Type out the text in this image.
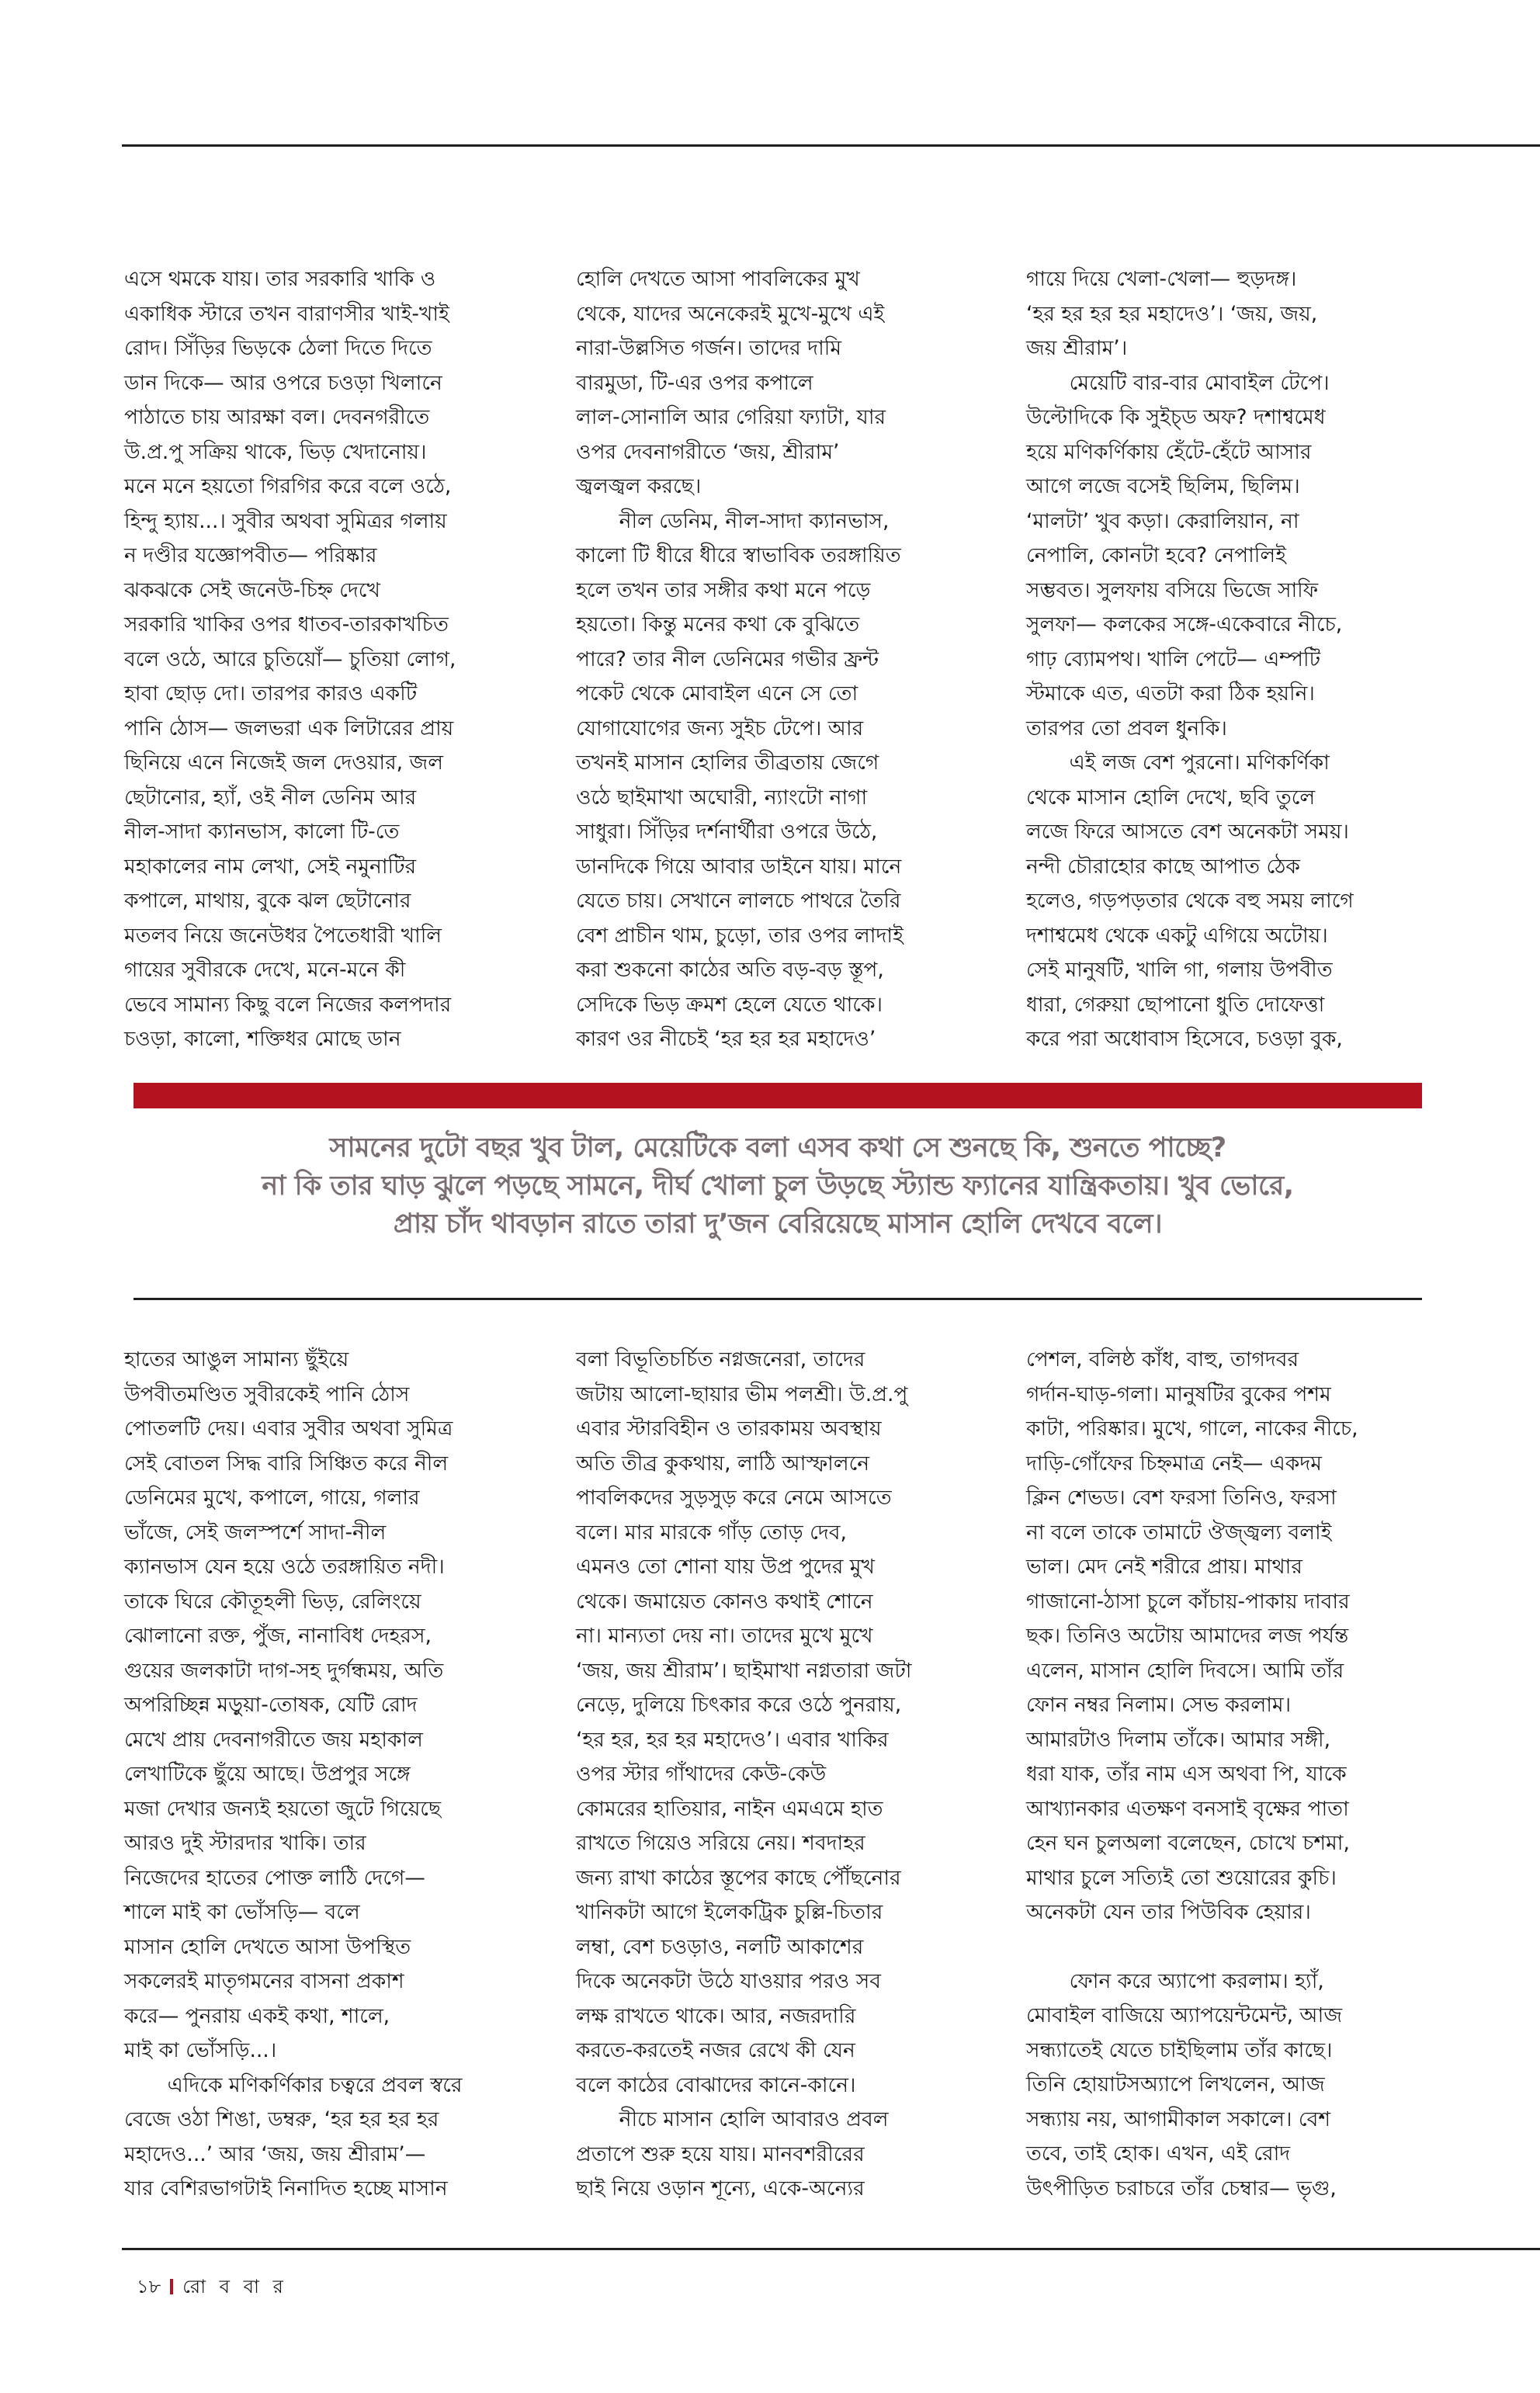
এসে থমকে যায়। তার সরকারি খাকি ও
একাধিক স্টারে তখন বারাণসীর খাই-খাই
রোদ। সিঁড়ির ভিড়কে ঠেলা দিতে দিতে
ডান দিকে— আর ওপরে চওড়া খিলানে
পাঠাতে চায় আরক্ষা বল। দেবনগরীতে
উ.প্র.পু সক্রিয় থাকে, ভিড় খেদানোয়।
মনে মনে হয়তো গিরগির করে বলে ওঠে,
হিন্দু হ্যায়...। সুবীর অথবা সুমিত্রর গলায়
ন দণ্ডীর যজ্ঞোপবীত— পরিষ্কার
ঝকঝকে সেই জনেউ-চিহ্ন দেখে
সরকারি খাকির ওপর ধাতব-তারকাখচিত
বলে ওঠে, আরে চুতিয়োঁ— চুতিয়া লোগ,
হাবা ছোড় দো। তারপর কারও একটি
পানি ঠোস— জলভরা এক লিটারের প্রায়
ছিনিয়ে এনে নিজেই জল দেওয়ার, জল
ছেটানোর, হ্যাঁ, ওই নীল ডেনিম আর
নীল-সাদা ক্যানভাস, কালো টি-তে
মহাকালের নাম লেখা, সেই নমুনাটির
কপালে, মাথায়, বুকে ঝল ছেটানোর
মতলব নিয়ে জনেউধর পৈতেধারী খালি
গায়ের সুবীরকে দেখে, মনে-মনে কী
ভেবে সামান্য কিছু বলে নিজের কলপদার
চওড়া, কালো, শক্তিধর মোছে ডান

হোলি দেখতে আসা পাবলিকের মুখ
থেকে, যাদের অনেকেরই মুখে-মুখে এই
নারা-উল্লসিত গর্জন। তাদের দামি
বারমুডা, টি-এর ওপর কপালে
লাল-সোনালি আর গেরিয়া ফ্যাটা, যার
ওপর দেবনাগরীতে ‘জয়, শ্রীরাম’
জ্বলজ্বল করছে।

নীল ডেনিম, নীল-সাদা ক্যানভাস,
কালো টি ধীরে ধীরে স্বাভাবিক তরঙ্গায়িত
হলে তখন তার সঙ্গীর কথা মনে পড়ে
হয়তো। কিন্তু মনের কথা কে বুঝিতে
পারে? তার নীল ডেনিমের গভীর ফ্রন্ট
পকেট থেকে মোবাইল এনে সে তো
যোগাযোগের জন্য সুইচ টেপে। আর
তখনই মাসান হোলির তীব্রতায় জেগে
ওঠে ছাইমাখা অঘোরী, ন্যাংটো নাগা
সাধুরা। সিঁড়ির দর্শনার্থীরা ওপরে উঠে,
ডানদিকে গিয়ে আবার ডাইনে যায়। মানে
যেতে চায়। সেখানে লালচে পাথরে তৈরি
বেশ প্রাচীন থাম, চুড়ো, তার ওপর লাদাই
করা শুকনো কাঠের অতি বড়-বড় স্তূপ,
সেদিকে ভিড় ক্রমশ হেলে যেতে থাকে।
কারণ ওর নীচেই ‘হর হর হর মহাদেও’

গায়ে দিয়ে খেলা-খেলা— হুড়দঙ্গ।
‘হর হর হর হর মহাদেও’। ‘জয়, জয়,
জয় শ্রীরাম’।

মেয়েটি বার-বার মোবাইল টেপে।
উল্টোদিকে কি সুইচ্‌ড অফ? দশাশ্বমেধ
হয়ে মণিকর্ণিকায় হেঁটে-হেঁটে আসার
আগে লজে বসেই ছিলিম, ছিলিম।
‘মালটা’ খুব কড়া। কেরালিয়ান, না
নেপালি, কোনটা হবে? নেপালিই
সম্ভবত। সুলফায় বসিয়ে ভিজে সাফি
সুলফা— কলকের সঙ্গে-একেবারে নীচে,
গাঢ় ব্যোমপথ। খালি পেটে— এম্পটি
স্টমাকে এত, এতটা করা ঠিক হয়নি।
তারপর তো প্রবল ধুনকি।

এই লজ বেশ পুরনো। মণিকর্ণিকা
থেকে মাসান হোলি দেখে, ছবি তুলে
লজে ফিরে আসতে বেশ অনেকটা সময়।
নন্দী চৌরাহোর কাছে আপাত ঠেক
হলেও, গড়পড়তার থেকে বহু সময় লাগে
দশাশ্বমেধ থেকে একটু এগিয়ে অটোয়।
সেই মানুষটি, খালি গা, গলায় উপবীত
ধারা, গেরুয়া ছোপানো ধুতি দোফেত্তা
করে পরা অধোবাস হিসেবে, চওড়া বুক,

সামনের দুটো বছর খুব টাল, মেয়েটিকে বলা এসব কথা সে শুনছে কি, শুনতে পাচ্ছে?
না কি তার ঘাড় ঝুলে পড়ছে সামনে, দীর্ঘ খোলা চুল উড়ছে স্ট্যান্ড ফ্যানের যান্ত্রিকতায়। খুব ভোরে,
প্রায় চাঁদ থাবড়ান রাতে তারা দু’জন বেরিয়েছে মাসান হোলি দেখবে বলে।

হাতের আঙুল সামান্য ছুঁইয়ে
উপবীতমণ্ডিত সুবীরকেই পানি ঠোস
পোতলটি দেয়। এবার সুবীর অথবা সুমিত্র
সেই বোতল সিদ্ধ বারি সিঞ্চিত করে নীল
ডেনিমের মুখে, কপালে, গায়ে, গলার
ভাঁজে, সেই জলস্পর্শে সাদা-নীল
ক্যানভাস যেন হয়ে ওঠে তরঙ্গায়িত নদী।
তাকে ঘিরে কৌতূহলী ভিড়, রেলিংয়ে
ঝোলানো রক্ত, পুঁজ, নানাবিধ দেহরস,
গুয়ের জলকাটা দাগ-সহ দুর্গন্ধময়, অতি
অপরিচ্ছিন্ন মড়ুয়া-তোষক, যেটি রোদ
মেখে প্রায় দেবনাগরীতে জয় মহাকাল
লেখাটিকে ছুঁয়ে আছে। উপ্রপুর সঙ্গে
মজা দেখার জন্যই হয়তো জুটে গিয়েছে
আরও দুই স্টারদার খাকি। তার
নিজেদের হাতের পোক্ত লাঠি দেগে—
শালে মাই কা ভোঁসড়ি— বলে
মাসান হোলি দেখতে আসা উপস্থিত
সকলেরই মাতৃগমনের বাসনা প্রকাশ
করে— পুনরায় একই কথা, শালে,
মাই কা ভোঁসড়ি...।

এদিকে মণিকর্ণিকার চত্বরে প্রবল স্বরে
বেজে ওঠা শিঙা, ডম্বরু, ‘হর হর হর হর
মহাদেও...’ আর ‘জয়, জয় শ্রীরাম’—
যার বেশিরভাগটাই নিনাদিত হচ্ছে মাসান

বলা বিভূতিচর্চিত নগ্নজনেরা, তাদের
জটায় আলো-ছায়ার ভীম পলশ্রী। উ.প্র.পু
এবার স্টারবিহীন ও তারকাময় অবস্থায়
অতি তীব্র কুকথায়, লাঠি আস্ফালনে
পাবলিকদের সুড়সুড় করে নেমে আসতে
বলে। মার মারকে গাঁড় তোড় দেব,
এমনও তো শোনা যায় উপ্র পুদের মুখ
থেকে। জমায়েত কোনও কথাই শোনে
না। মান্যতা দেয় না। তাদের মুখে মুখে
‘জয়, জয় শ্রীরাম’। ছাইমাখা নগ্নতারা জটা
নেড়ে, দুলিয়ে চিৎকার করে ওঠে পুনরায়,
‘হর হর, হর হর মহাদেও’। এবার খাকির
ওপর স্টার গাঁথাদের কেউ-কেউ
কোমরের হাতিয়ার, নাইন এমএমে হাত
রাখতে গিয়েও সরিয়ে নেয়। শবদাহর
জন্য রাখা কাঠের স্তূপের কাছে পৌঁছনোর
খানিকটা আগে ইলেকট্রিক চুল্লি-চিতার
লম্বা, বেশ চওড়াও, নলটি আকাশের
দিকে অনেকটা উঠে যাওয়ার পরও সব
লক্ষ রাখতে থাকে। আর, নজরদারি
করতে-করতেই নজর রেখে কী যেন
বলে কাঠের বোঝাদের কানে-কানে।

নীচে মাসান হোলি আবারও প্রবল
প্রতাপে শুরু হয়ে যায়। মানবশরীরের
ছাই নিয়ে ওড়ান শূন্যে, একে-অন্যের

পেশল, বলিষ্ঠ কাঁধ, বাহু, তাগদবর
গর্দান-ঘাড়-গলা। মানুষটির বুকের পশম
কাটা, পরিষ্কার। মুখে, গালে, নাকের নীচে,
দাড়ি-গোঁফের চিহ্নমাত্র নেই— একদম
ক্লিন শেভড। বেশ ফরসা তিনিও, ফরসা
না বলে তাকে তামাটে ঔজ্জ্বল্য বলাই
ভাল। মেদ নেই শরীরে প্রায়। মাথার
গাজানো-ঠাসা চুলে কাঁচায়-পাকায় দাবার
ছক। তিনিও অটোয় আমাদের লজ পর্যন্ত
এলেন, মাসান হোলি দিবসে। আমি তাঁর
ফোন নম্বর নিলাম। সেভ করলাম।
আমারটাও দিলাম তাঁকে। আমার সঙ্গী,
ধরা যাক, তাঁর নাম এস অথবা পি, যাকে
আখ্যানকার এতক্ষণ বনসাই বৃক্ষের পাতা
হেন ঘন চুলঅলা বলেছেন, চোখে চশমা,
মাথার চুলে সত্যিই তো শুয়োরের কুচি।
অনেকটা যেন তার পিউবিক হেয়ার।

ফোন করে অ্যাপো করলাম। হ্যাঁ,
মোবাইল বাজিয়ে অ্যাপয়েন্টমেন্ট, আজ
সন্ধ্যাতেই যেতে চাইছিলাম তাঁর কাছে।
তিনি হোয়াটসঅ্যাপে লিখলেন, আজ
সন্ধ্যায় নয়, আগামীকাল সকালে। বেশ
তবে, তাই হোক। এখন, এই রোদ
উৎপীড়িত চরাচরে তাঁর চেম্বার— ভৃগু,

১৮ রো ব বা র
